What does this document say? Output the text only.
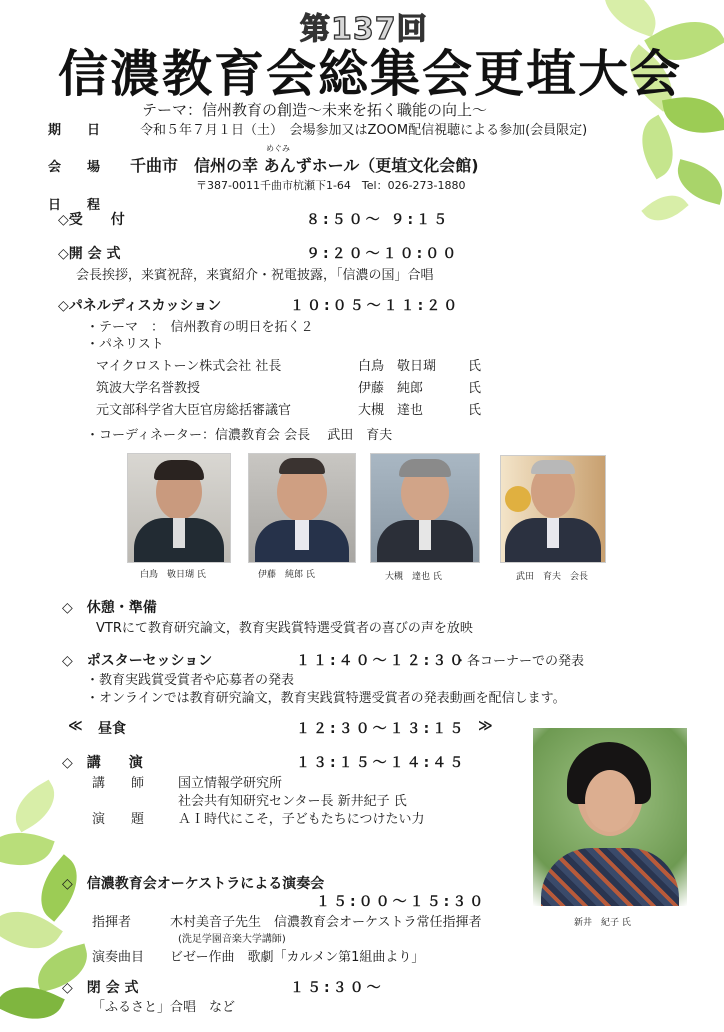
第137回
信濃教育会総集会更埴大会
テーマ：信州教育の創造～未来を拓く職能の向上～
期　　日	令和５年７月１日（土）　会場参加又はZOOM配信視聴による参加(会員限定)
めぐみ
会　　場 千曲市　信州の幸 あんずホール（更埴文化会館)
〒387-0011千曲市杭瀬下1-64　Tel：026-273-1880
日　　程
◇受　　付	８:５０～ ９:１５
◇開 会 式	９:２０～１０:００
会長挨拶，来賓祝辞，来賓紹介・祝電披露，「信濃の国」合唱
◇パネルディスカッション	１０:０５～１１:２０
・テーマ　：　信州教育の明日を拓く２
・パネリスト
マイクロストーン株式会社 社長	白鳥　敬日瑚 氏
筑波大学名誉教授	伊藤　純郎	氏
元文部科学省大臣官房総括審議官	大槻　達也	氏
・コーディネーター：信濃教育会 会長　 武田　育夫
白鳥　敬日瑚 氏	伊藤　純郎 氏	大槻　達也 氏	武田　育夫　会長
◇　休憩・準備
VTRにて教育研究論文，教育実践賞特選受賞者の喜びの声を放映
◇　ポスターセッション	１１:４０～１２:３０
・各コーナーでの発表
・教育実践賞受賞者や応募者の発表
・オンラインでは教育研究論文，教育実践賞特選受賞者の発表動画を配信します。
≪ 昼食	１２:３０～１３:１５ ≫
新井　紀子 氏
◇　講　　演	１３:１５～１４:４５
講　　師	国立情報学研究所
社会共有知研究センター長 新井紀子 氏
演　　題	ＡＩ時代にこそ，子どもたちにつけたい力
◇　信濃教育会オーケストラによる演奏会
１５:００～１５:３０
指揮者	木村美音子先生　信濃教育会オーケストラ常任指揮者
(洗足学園音楽大学講師)
演奏曲目 ビゼー作曲　歌劇「カルメン第1組曲より」
◇　閉 会 式	１５:３０～
「ふるさと」合唱　など
